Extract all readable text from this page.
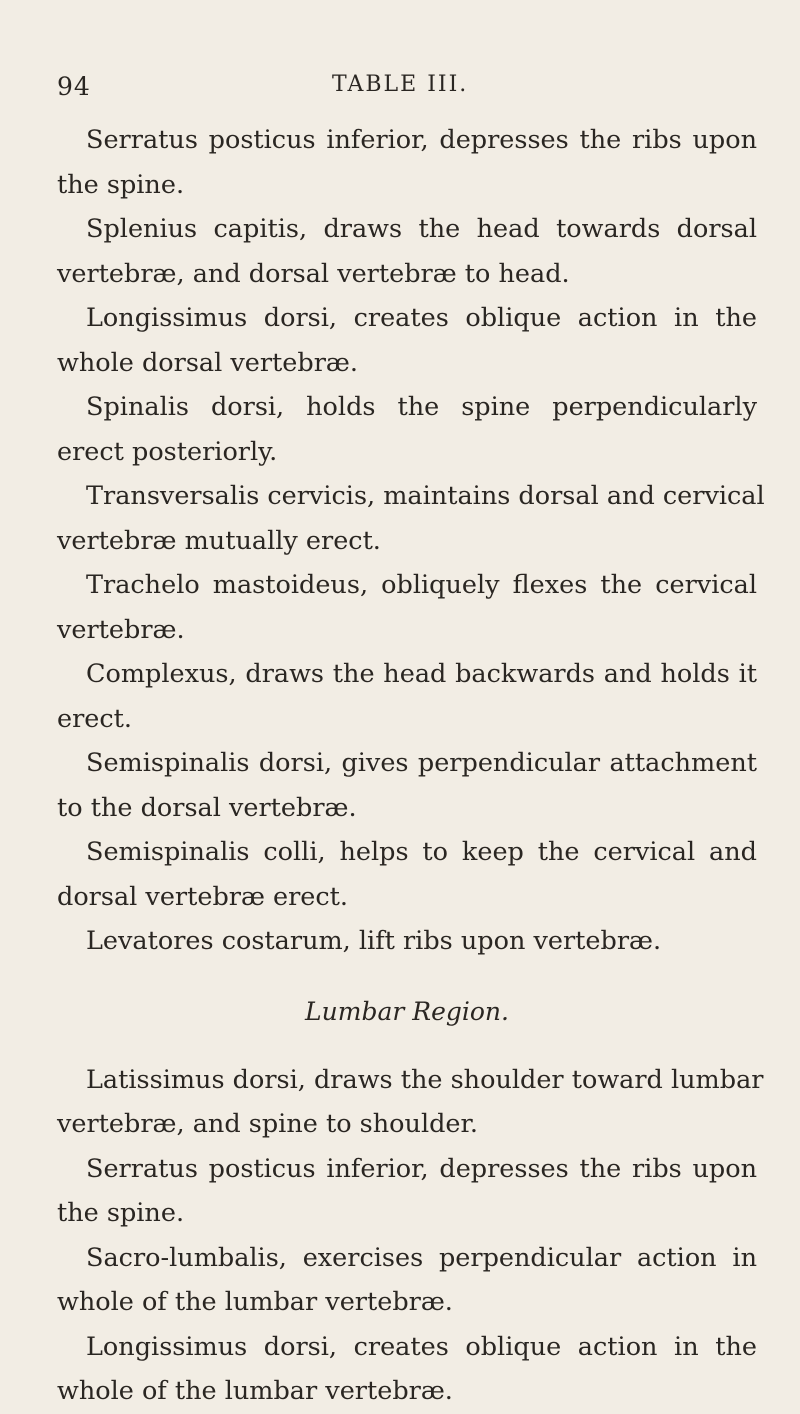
94	TABLE III.

Serratus posticus inferior, depresses the ribs upon
the spine.

Splenius capitis, draws the head towards dorsal
vertebræ, and dorsal vertebræ to head.

Longissimus dorsi, creates oblique action in the
whole dorsal vertebræ.

Spinalis dorsi, holds the spine perpendicularly
erect posteriorly.

Transversalis cervicis, maintains dorsal and cervical
vertebræ mutually erect.

Trachelo mastoideus, obliquely flexes the cervical
vertebræ.

Complexus, draws the head backwards and holds it
erect.

Semispinalis dorsi, gives perpendicular attachment
to the dorsal vertebræ.

Semispinalis colli, helps to keep the cervical and
dorsal vertebræ erect.

Levatores costarum, lift ribs upon vertebræ.

Lumbar Region.

Latissimus dorsi, draws the shoulder toward lumbar
vertebræ, and spine to shoulder.

Serratus posticus inferior, depresses the ribs upon
the spine.

Sacro-lumbalis, exercises perpendicular action in
whole of the lumbar vertebræ.

Longissimus dorsi, creates oblique action in the
whole of the lumbar vertebræ.
